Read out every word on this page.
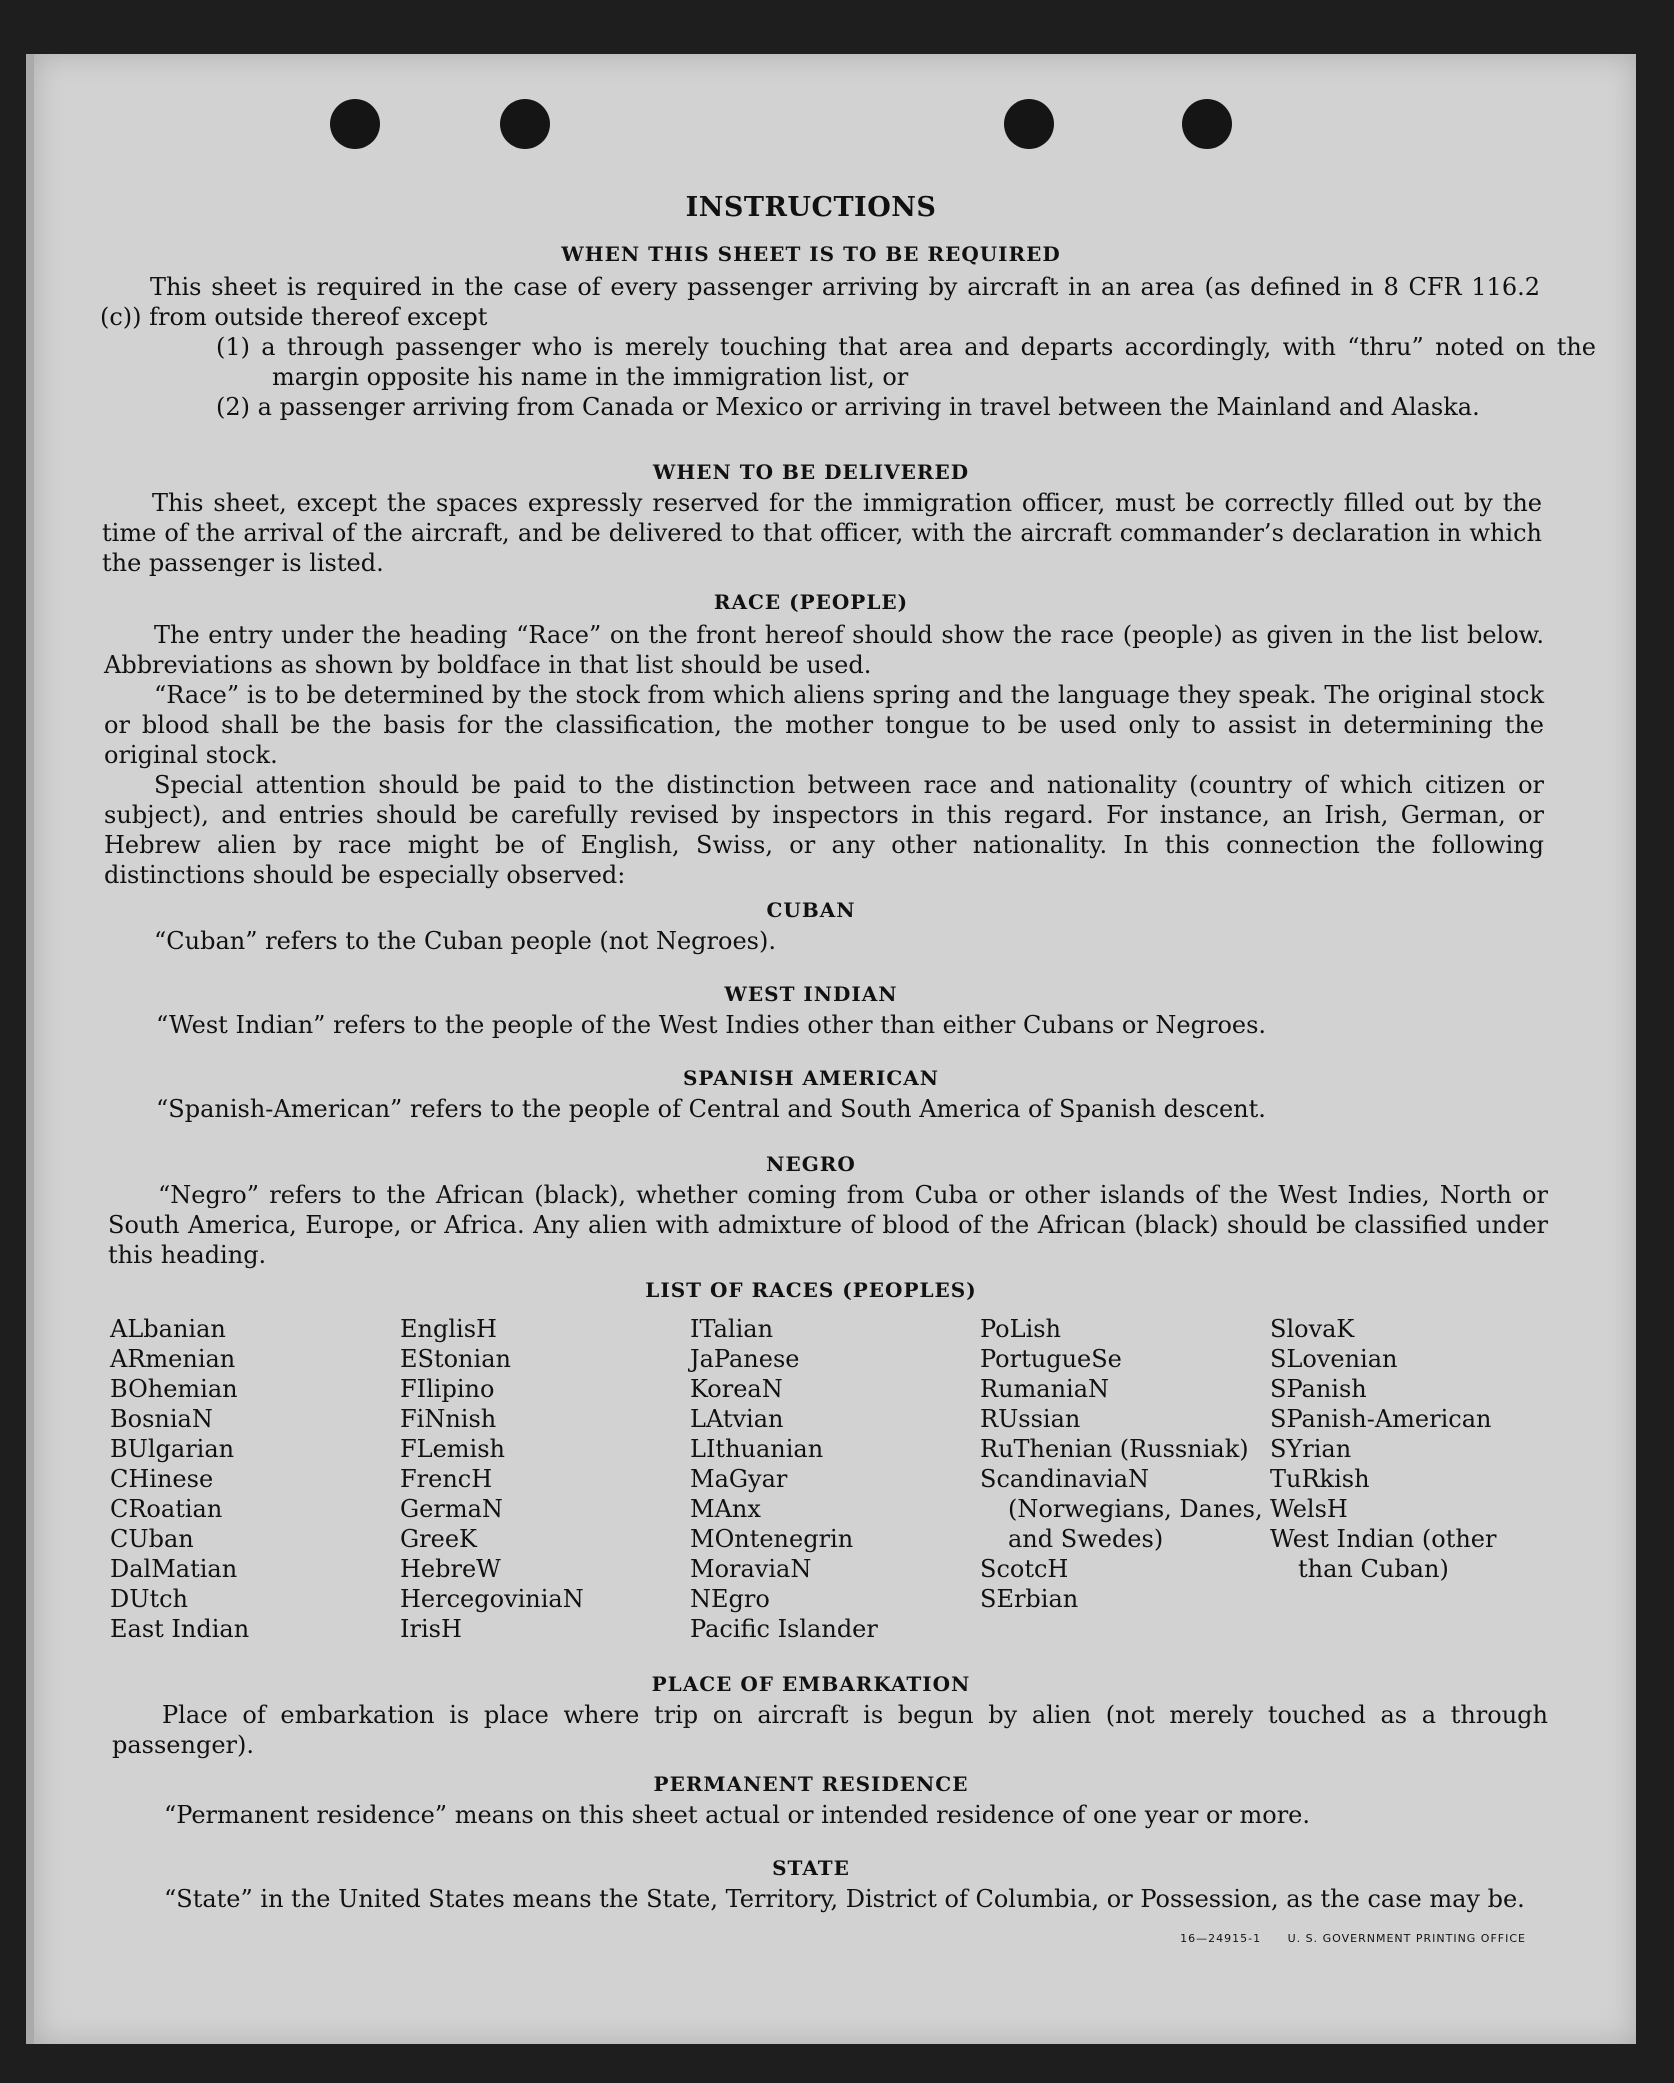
INSTRUCTIONS
WHEN THIS SHEET IS TO BE REQUIRED
This sheet is required in the case of every passenger arriving by aircraft in an area (as defined in 8 CFR 116.2 (c)) from outside thereof except
(1) a through passenger who is merely touching that area and departs accordingly, with “thru” noted on the margin opposite his name in the immigration list, or
(2) a passenger arriving from Canada or Mexico or arriving in travel between the Mainland and Alaska.
WHEN TO BE DELIVERED
This sheet, except the spaces expressly reserved for the immigration officer, must be correctly filled out by the time of the arrival of the aircraft, and be delivered to that officer, with the aircraft commander’s declaration in which the passenger is listed.
RACE (PEOPLE)
The entry under the heading “Race” on the front hereof should show the race (people) as given in the list below. Abbreviations as shown by boldface in that list should be used.
“Race” is to be determined by the stock from which aliens spring and the language they speak. The original stock or blood shall be the basis for the classification, the mother tongue to be used only to assist in determining the original stock.
Special attention should be paid to the distinction between race and nationality (country of which citizen or subject), and entries should be carefully revised by inspectors in this regard. For instance, an Irish, German, or Hebrew alien by race might be of English, Swiss, or any other nationality. In this connection the following distinctions should be especially observed:
CUBAN
“Cuban” refers to the Cuban people (not Negroes).
WEST INDIAN
“West Indian” refers to the people of the West Indies other than either Cubans or Negroes.
SPANISH AMERICAN
“Spanish-American” refers to the people of Central and South America of Spanish descent.
NEGRO
“Negro” refers to the African (black), whether coming from Cuba or other islands of the West Indies, North or South America, Europe, or Africa. Any alien with admixture of blood of the African (black) should be classified under this heading.
LIST OF RACES (PEOPLES)
ALbanian
ARmenian
BOhemian
BosniaN
BUlgarian
CHinese
CRoatian
CUban
DalMatian
DUtch
East Indian
EnglisH
EStonian
FIlipino
FiNnish
FLemish
FrencH
GermaN
GreeK
HebreW
HercegoviniaN
IrisH
ITalian
JaPanese
KoreaN
LAtvian
LIthuanian
MaGyar
MAnx
MOntenegrin
MoraviaN
NEgro
Pacific Islander
PoLish
PortugueSe
RumaniaN
RUssian
RuThenian (Russniak)
ScandinaviaN (Norwegians, Danes, and Swedes)
ScotcH
SErbian
SlovaK
SLovenian
SPanish
SPanish-American
SYrian
TuRkish
WelsH
West Indian (other than Cuban)
PLACE OF EMBARKATION
Place of embarkation is place where trip on aircraft is begun by alien (not merely touched as a through passenger).
PERMANENT RESIDENCE
“Permanent residence” means on this sheet actual or intended residence of one year or more.
STATE
“State” in the United States means the State, Territory, District of Columbia, or Possession, as the case may be.
16—24915-1 U. S. GOVERNMENT PRINTING OFFICE
